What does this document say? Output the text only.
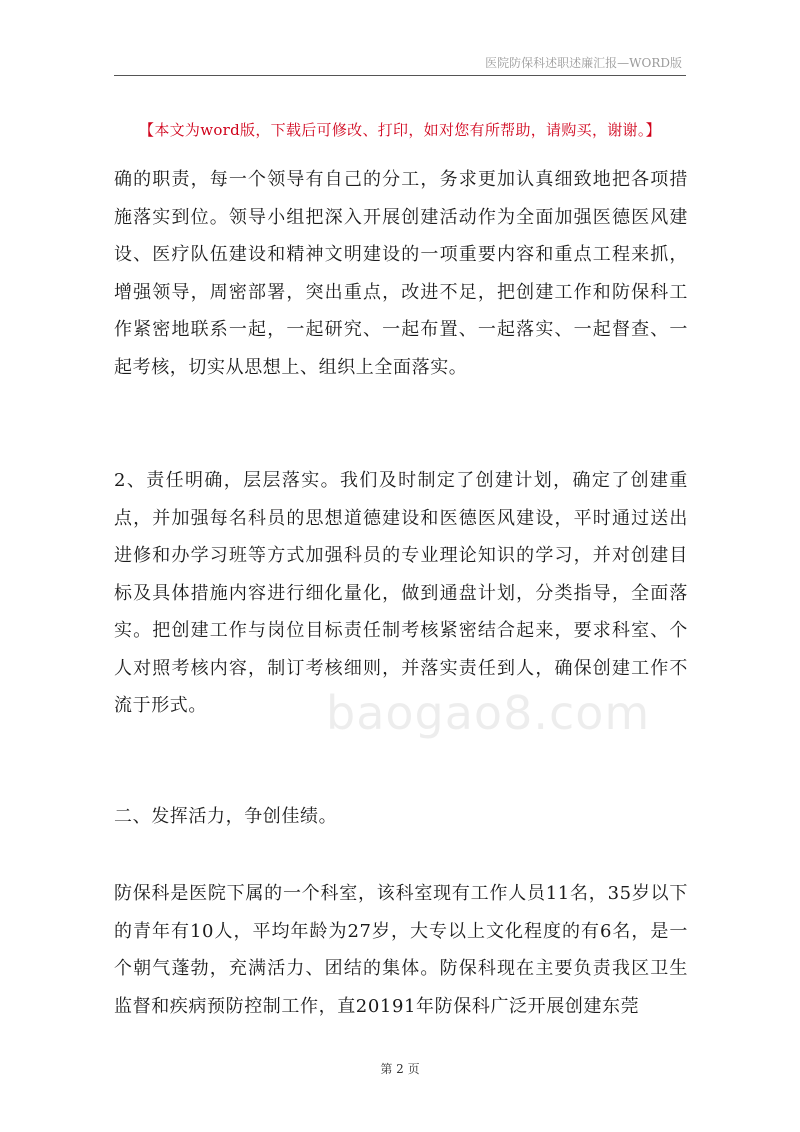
医院防保科述职述廉汇报—WORD版
【本文为word版，下载后可修改、打印，如对您有所帮助，请购买，谢谢。】

确的职责，每一个领导有自己的分工，务求更加认真细致地把各项措施落实到位。领导小组把深入开展创建活动作为全面加强医德医风建设、医疗队伍建设和精神文明建设的一项重要内容和重点工程来抓，增强领导，周密部署，突出重点，改进不足，把创建工作和防保科工作紧密地联系一起，一起研究、一起布置、一起落实、一起督查、一起考核，切实从思想上、组织上全面落实。

2、责任明确，层层落实。我们及时制定了创建计划，确定了创建重点，并加强每名科员的思想道德建设和医德医风建设，平时通过送出进修和办学习班等方式加强科员的专业理论知识的学习，并对创建目标及具体措施内容进行细化量化，做到通盘计划，分类指导，全面落实。把创建工作与岗位目标责任制考核紧密结合起来，要求科室、个人对照考核内容，制订考核细则，并落实责任到人，确保创建工作不流于形式。

二、发挥活力，争创佳绩。

防保科是医院下属的一个科室，该科室现有工作人员11名，35岁以下的青年有10人，平均年龄为27岁，大专以上文化程度的有6名，是一个朝气蓬勃，充满活力、团结的集体。防保科现在主要负责我区卫生监督和疾病预防控制工作，直20191年防保科广泛开展创建东莞

baogao8.com
第 2 页
